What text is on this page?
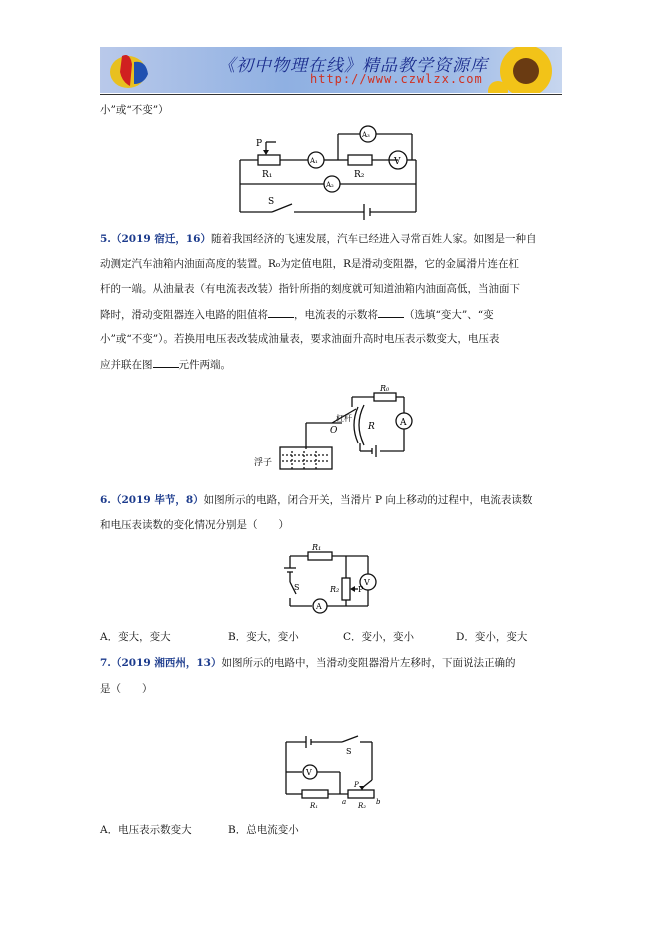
《初中物理在线》精品教学资源库
http://www.czwlzx.com
小”或“不变”）
P
R₁
A₁
A₃
R₂
V
A₂
S
5.（2019 宿迁，16）随着我国经济的飞速发展，汽车已经进入寻常百姓人家。如图是一种自
动测定汽车油箱内油面高度的装置。R₀为定值电阻，R是滑动变阻器，它的金属滑片连在杠
杆的一端。从油量表（有电流表改装）指针所指的刻度就可知道油箱内油面高低，当油面下
降时，滑动变阻器连入电路的阻值将 ，电流表的示数将 （选填“变大”、“变
小”或“不变”）。若换用电压表改装成油量表，要求油面升高时电压表示数变大，电压表
应并联在图 元件两端。
R₀
A
O	R
杠杆
浮子
6.（2019 毕节，8）如图所示的电路，闭合开关，当滑片 P 向上移动的过程中，电流表读数
和电压表读数的变化情况分别是（　　）
R₁
R₂ P
S
A
V
A．变大，变大	B．变大，变小	C．变小，变小	D．变小，变大
7.（2019 湘西州，13）如图所示的电路中，当滑动变阻器滑片左移时，下面说法正确的
是（　　）
S
V
R₁	R₂
P
a	b
A．电压表示数变大	B．总电流变小
